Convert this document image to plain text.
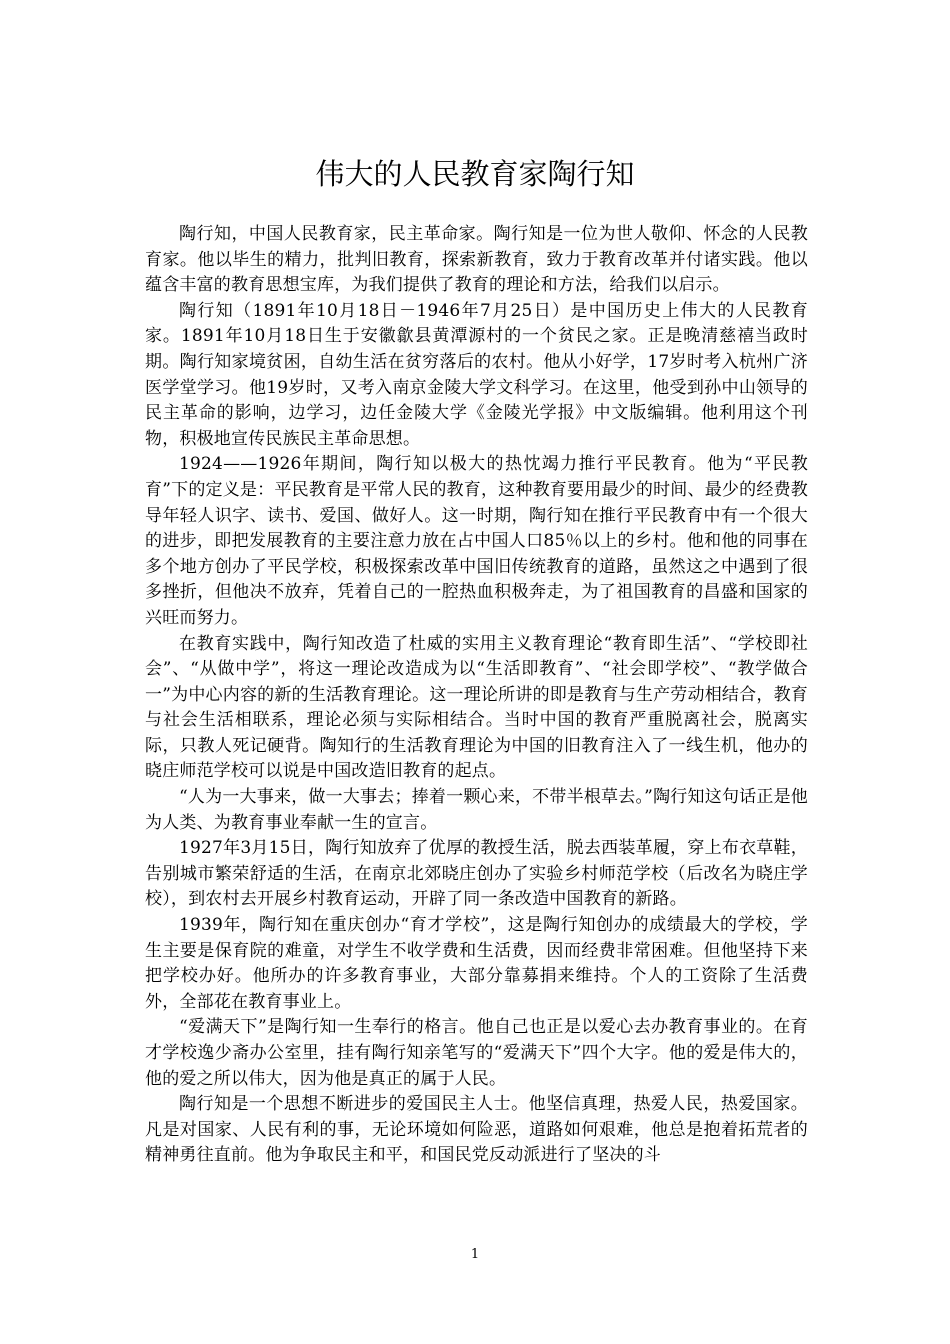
伟大的人民教育家陶行知

陶行知，中国人民教育家，民主革命家。陶行知是一位为世人敬仰、怀念的人民教育家。他以毕生的精力，批判旧教育，探索新教育，致力于教育改革并付诸实践。他以蕴含丰富的教育思想宝库，为我们提供了教育的理论和方法，给我们以启示。

陶行知（1891年10月18日－1946年7月25日）是中国历史上伟大的人民教育家。1891年10月18日生于安徽歙县黄潭源村的一个贫民之家。正是晚清慈禧当政时期。陶行知家境贫困，自幼生活在贫穷落后的农村。他从小好学，17岁时考入杭州广济医学堂学习。他19岁时，又考入南京金陵大学文科学习。在这里，他受到孙中山领导的民主革命的影响，边学习，边任金陵大学《金陵光学报》中文版编辑。他利用这个刊物，积极地宣传民族民主革命思想。

1924——1926年期间，陶行知以极大的热忱竭力推行平民教育。他为“平民教育”下的定义是：平民教育是平常人民的教育，这种教育要用最少的时间、最少的经费教导年轻人识字、读书、爱国、做好人。这一时期，陶行知在推行平民教育中有一个很大的进步，即把发展教育的主要注意力放在占中国人口85％以上的乡村。他和他的同事在多个地方创办了平民学校，积极探索改革中国旧传统教育的道路，虽然这之中遇到了很多挫折，但他决不放弃，凭着自己的一腔热血积极奔走，为了祖国教育的昌盛和国家的兴旺而努力。

在教育实践中，陶行知改造了杜威的实用主义教育理论“教育即生活”、“学校即社会”、“从做中学”，将这一理论改造成为以“生活即教育”、“社会即学校”、“教学做合一”为中心内容的新的生活教育理论。这一理论所讲的即是教育与生产劳动相结合，教育与社会生活相联系，理论必须与实际相结合。当时中国的教育严重脱离社会，脱离实际，只教人死记硬背。陶知行的生活教育理论为中国的旧教育注入了一线生机，他办的晓庄师范学校可以说是中国改造旧教育的起点。

“人为一大事来，做一大事去；捧着一颗心来，不带半根草去。”陶行知这句话正是他为人类、为教育事业奉献一生的宣言。

1927年3月15日，陶行知放弃了优厚的教授生活，脱去西装革履，穿上布衣草鞋，告别城市繁荣舒适的生活，在南京北郊晓庄创办了实验乡村师范学校（后改名为晓庄学校），到农村去开展乡村教育运动，开辟了同一条改造中国教育的新路。

1939年，陶行知在重庆创办“育才学校”，这是陶行知创办的成绩最大的学校，学生主要是保育院的难童，对学生不收学费和生活费，因而经费非常困难。但他坚持下来把学校办好。他所办的许多教育事业，大部分靠募捐来维持。个人的工资除了生活费外，全部花在教育事业上。

“爱满天下”是陶行知一生奉行的格言。他自己也正是以爱心去办教育事业的。在育才学校逸少斋办公室里，挂有陶行知亲笔写的“爱满天下”四个大字。他的爱是伟大的，他的爱之所以伟大，因为他是真正的属于人民。

陶行知是一个思想不断进步的爱国民主人士。他坚信真理，热爱人民，热爱国家。凡是对国家、人民有利的事，无论环境如何险恶，道路如何艰难，他总是抱着拓荒者的精神勇往直前。他为争取民主和平，和国民党反动派进行了坚决的斗

1
